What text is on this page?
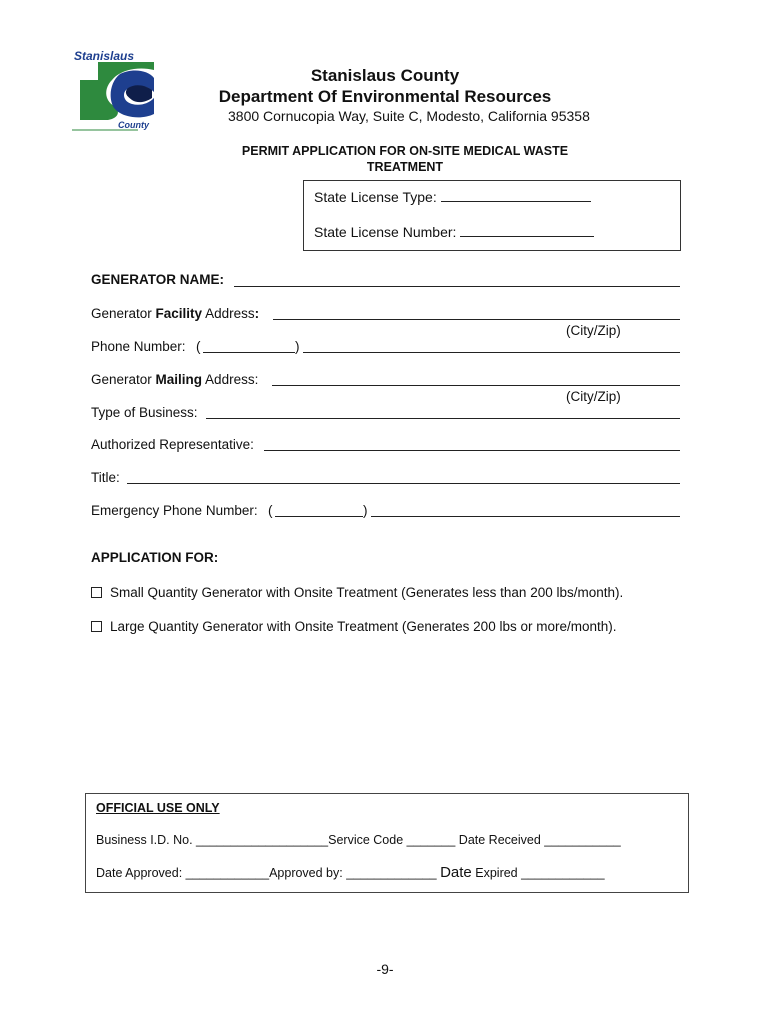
Stanislaus
County
Stanislaus County
Department Of Environmental Resources
3800 Cornucopia Way, Suite C, Modesto, California 95358
PERMIT APPLICATION FOR ON-SITE MEDICAL WASTE
TREATMENT
State License Type:
State License Number:
GENERATOR NAME:
Generator Facility Address:
(City/Zip)
Phone Number: (	)
Generator Mailing Address:
(City/Zip)
Type of Business:
Authorized Representative:
Title:
Emergency Phone Number: (	)
APPLICATION FOR:
Small Quantity Generator with Onsite Treatment (Generates less than 200 lbs/month).
Large Quantity Generator with Onsite Treatment (Generates 200 lbs or more/month).
OFFICIAL USE ONLY
Business I.D. No. ___________________Service Code _______ Date Received ___________
Date Approved: ____________Approved by: _____________ Date Expired ____________
-9-
